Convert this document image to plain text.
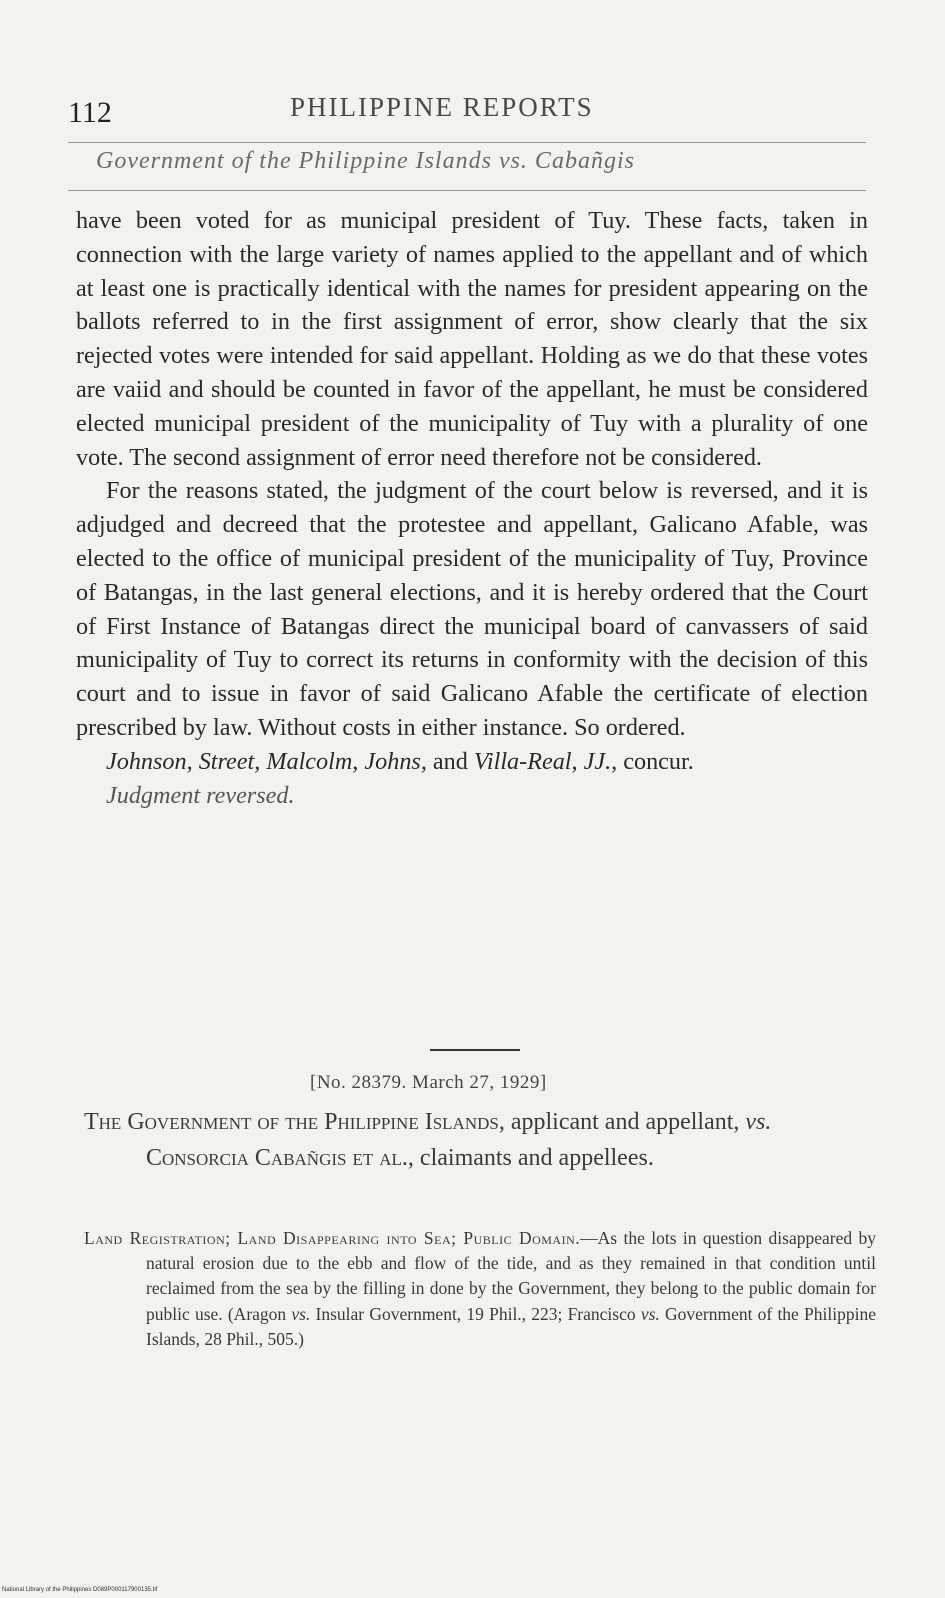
112	PHILIPPINE REPORTS
Government of the Philippine Islands vs. Cabañgis

have been voted for as municipal president of Tuy. These facts, taken in connection with the large variety of names applied to the appellant and of which at least one is practically identical with the names for president appearing on the ballots referred to in the first assignment of error, show clearly that the six rejected votes were intended for said appellant. Holding as we do that these votes are vaiid and should be counted in favor of the appellant, he must be considered elected municipal president of the municipality of Tuy with a plurality of one vote. The second assignment of error need therefore not be considered.

For the reasons stated, the judgment of the court below is reversed, and it is adjudged and decreed that the protestee and appellant, Galicano Afable, was elected to the office of municipal president of the municipality of Tuy, Province of Batangas, in the last general elections, and it is hereby ordered that the Court of First Instance of Batangas direct the municipal board of canvassers of said municipality of Tuy to correct its returns in conformity with the decision of this court and to issue in favor of said Galicano Afable the certificate of election prescribed by law. Without costs in either instance. So ordered.

Johnson, Street, Malcolm, Johns, and Villa-Real, JJ., concur.

Judgment reversed.

[No. 28379. March 27, 1929]
The Government of the Philippine Islands, applicant and appellant, vs. Consorcia Cabañgis et al., claimants and appellees.
Land Registration; Land Disappearing into Sea; Public Domain.—As the lots in question disappeared by natural erosion due to the ebb and flow of the tide, and as they remained in that condition until reclaimed from the sea by the filling in done by the Government, they belong to the public domain for public use. (Aragon vs. Insular Government, 19 Phil., 223; Francisco vs. Government of the Philippine Islands, 28 Phil., 505.)
National Library of the Philippines D089P000117900135.tif
